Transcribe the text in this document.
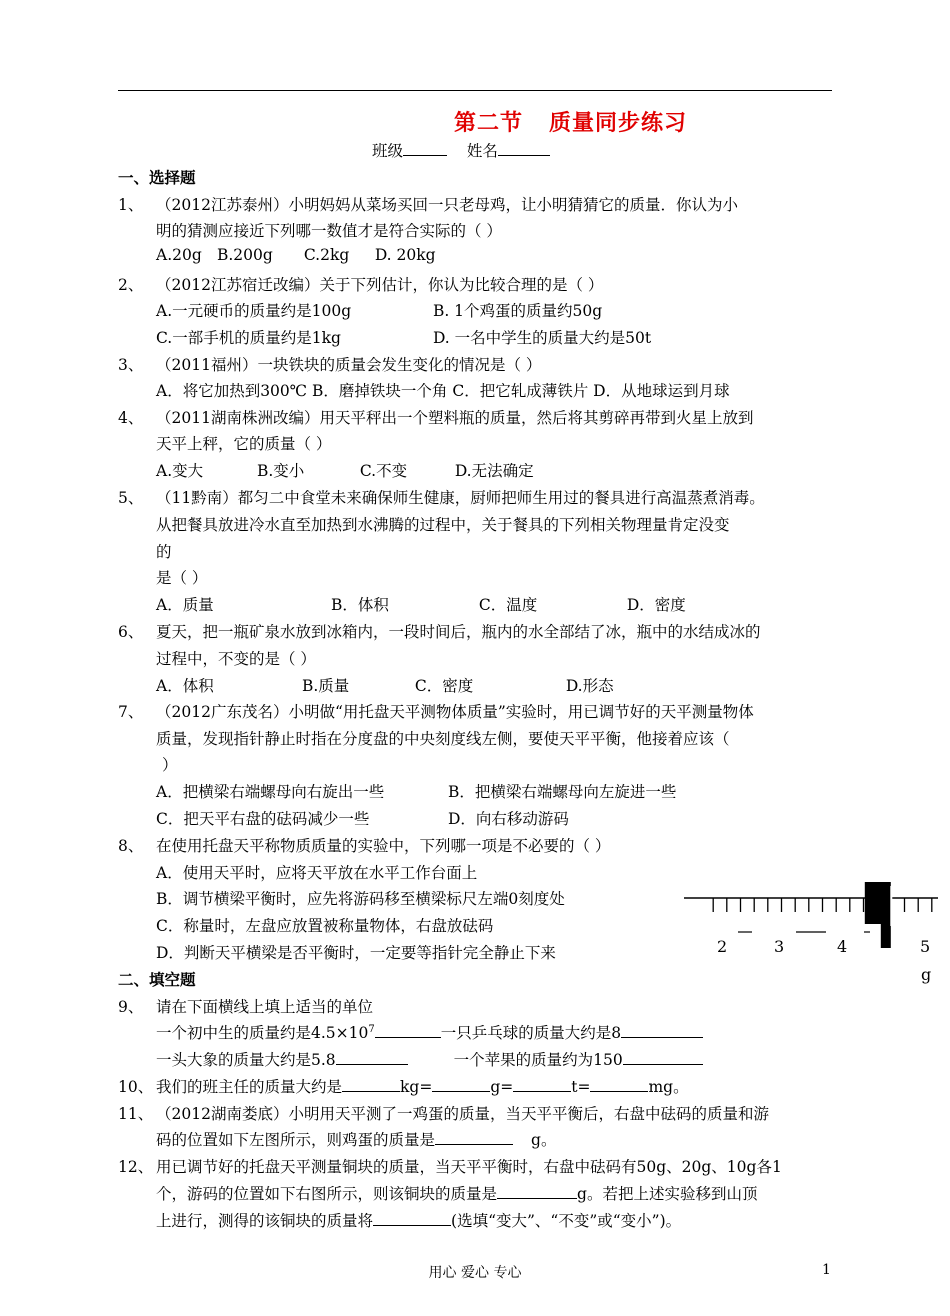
第二节 质量同步练习
班级	姓名
一、选择题
1、 （2012江苏泰州）小明妈妈从菜场买回一只老母鸡，让小明猜猜它的质量．你认为小
明的猜测应接近下列哪一数值才是符合实际的（ ）
A.20g B.200g C.2kg D. 20kg
2、 （2012江苏宿迁改编）关于下列估计，你认为比较合理的是（ ）
A.一元硬币的质量约是100g	B. 1个鸡蛋的质量约50g
C.一部手机的质量约是1kg	D. 一名中学生的质量大约是50t
3、 （2011福州）一块铁块的质量会发生变化的情况是（ ）
A．将它加热到300℃ B．磨掉铁块一个角 C．把它轧成薄铁片 D．从地球运到月球
4、 （2011湖南株洲改编）用天平秤出一个塑料瓶的质量，然后将其剪碎再带到火星上放到
天平上秤，它的质量（ ）
A.变大	B.变小	C.不变	D.无法确定
5、 （11黔南）都匀二中食堂未来确保师生健康，厨师把师生用过的餐具进行高温蒸煮消毒。
从把餐具放进冷水直至加热到水沸腾的过程中，关于餐具的下列相关物理量肯定没变
的
是（ ）
A．质量	B．体积	C．温度	D．密度
6、 夏天，把一瓶矿泉水放到冰箱内，一段时间后，瓶内的水全部结了冰，瓶中的水结成冰的
过程中，不变的是（ ）
A．体积	B.质量	C．密度	D.形态
7、 （2012广东茂名）小明做“用托盘天平测物体质量”实验时，用已调节好的天平测量物体
质量，发现指针静止时指在分度盘的中央刻度线左侧，要使天平平衡，他接着应该（
）
A．把横梁右端螺母向右旋出一些	B．把横梁右端螺母向左旋进一些
C．把天平右盘的砝码减少一些	D．向右移动游码
8、 在使用托盘天平称物质质量的实验中，下列哪一项是不必要的（ ）
A．使用天平时，应将天平放在水平工作台面上
B．调节横梁平衡时，应先将游码移至横梁标尺左端0刻度处
C．称量时，左盘应放置被称量物体，右盘放砝码
D．判断天平横梁是否平衡时，一定要等指针完全静止下来	2	3	4	5
g
二、填空题
9、 请在下面横线上填上适当的单位
一个初中生的质量约是$4.5\times 10^7$	一只乒乓球的质量大约是8
一头大象的质量大约是5.8	一个苹果的质量约为150
10、 我们的班主任的质量大约是	kg=	g=	t=	mg。
11、 （2012湖南娄底）小明用天平测了一鸡蛋的质量，当天平平衡后，右盘中砝码的质量和游
码的位置如下左图所示，则鸡蛋的质量是	g。
12、 用已调节好的托盘天平测量铜块的质量，当天平平衡时，右盘中砝码有50g、20g、10g各1
个，游码的位置如下右图所示，则该铜块的质量是	g。若把上述实验移到山顶
上进行，测得的该铜块的质量将	(选填“变大”、“不变”或“变小”)。
用心 爱心 专心	1
